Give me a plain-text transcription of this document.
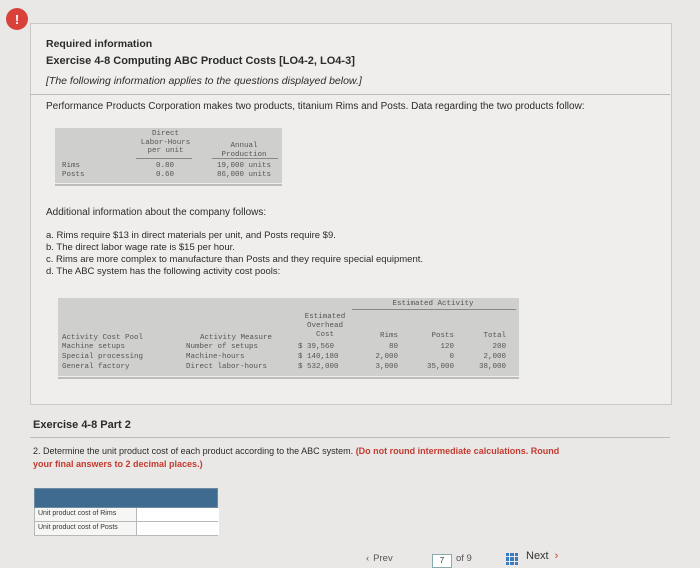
!
Required information
Exercise 4-8 Computing ABC Product Costs [LO4-2, LO4-3]
[The following information applies to the questions displayed below.]
Performance Products Corporation makes two products, titanium Rims and Posts. Data regarding the two products follow:
Direct
Labor-Hours
per unit
Annual
Production
Rims	0.80	19,000 units
Posts	0.60	86,000 units
Additional information about the company follows:
a. Rims require $13 in direct materials per unit, and Posts require $9.
b. The direct labor wage rate is $15 per hour.
c. Rims are more complex to manufacture than Posts and they require special equipment.
d. The ABC system has the following activity cost pools:
Estimated Activity
Estimated
Overhead
Cost
Activity Cost Pool	Activity Measure	Rims	Posts	Total
Machine setups	Number of setups	$ 39,560	80	120	200
Special processing	Machine-hours	$ 140,180	2,000	0	2,000
General factory	Direct labor-hours	$ 532,000	3,000	35,000	38,000
Exercise 4-8 Part 2
2. Determine the unit product cost of each product according to the ABC system. (Do not round intermediate calculations. Round
your final answers to 2 decimal places.)
Unit product cost of Rims
Unit product cost of Posts
‹ Prev	7	of 9	Next ›
